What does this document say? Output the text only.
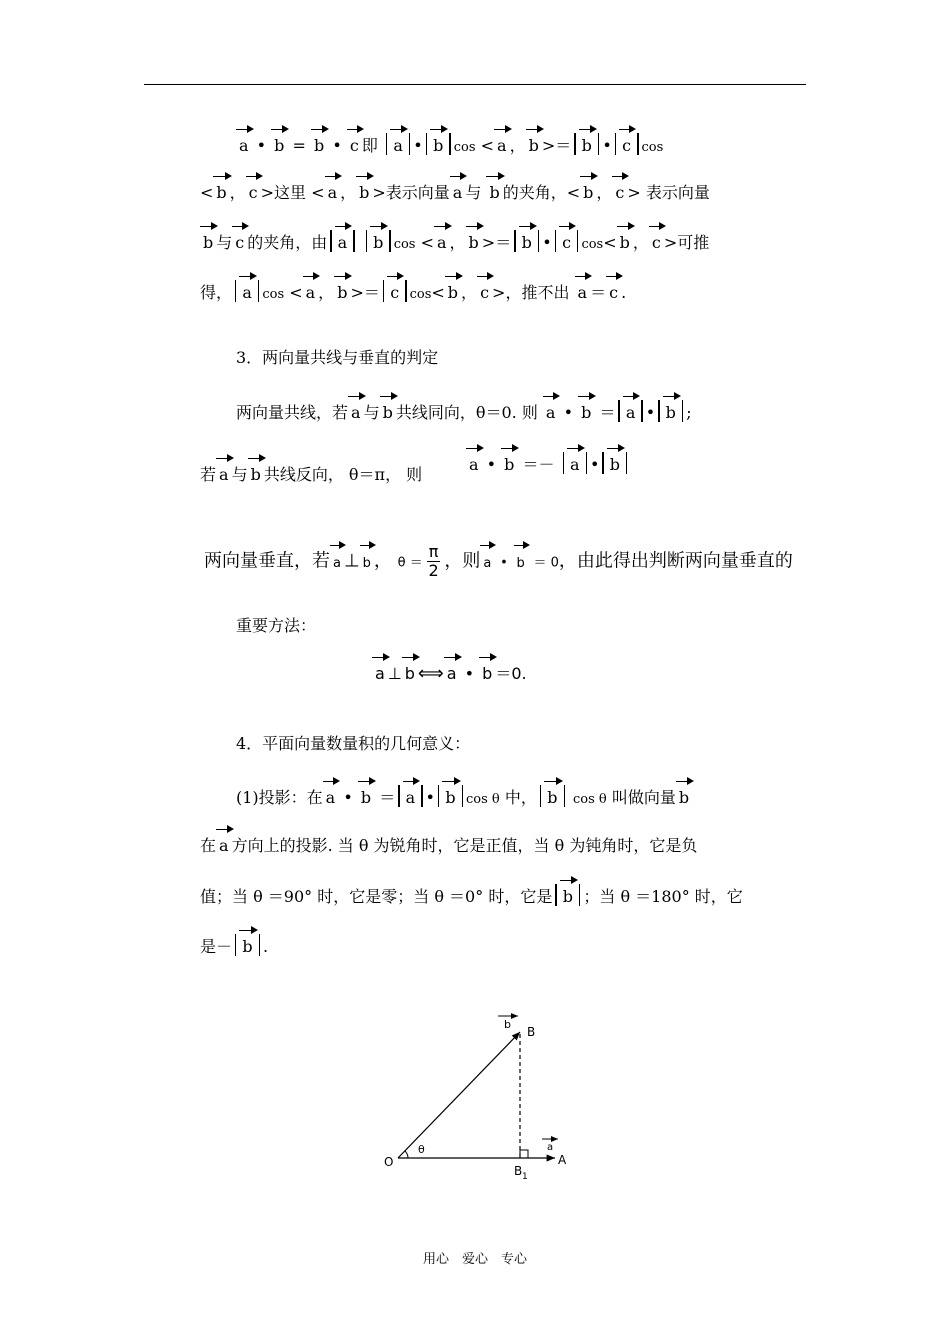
a • b = b • c 即 a • b cos < a ， b >＝ b • c cos
< b ， c >这里 < a ， b >表示向量 a 与 b 的夹角，< b ， c > 表示向量
b 与 c 的夹角，由 a b cos < a ， b >＝ b • c cos< b ， c >可推
得， a cos < a ， b >＝ c cos< b ， c >，推不出 a ＝ c .
3．两向量共线与垂直的判定
两向量共线，若 a 与 b 共线同向，θ＝0. 则 a • b ＝ a • b ;
若 a 与 b 共线反向， θ＝π， 则
a • b ＝－ a • b
两向量垂直，若 a ⊥ b ， $\theta = \frac{\pi}{2}$ ，则 a • b ＝ 0，由此得出判断两向量垂直的
重要方法：
a ⊥ b ⟺ a • b ＝0.
4．平面向量数量积的几何意义：
(1)投影：在 a • b ＝ a • b cos θ 中， b cos θ 叫做向量 b
在 a 方向上的投影. 当 θ 为锐角时，它是正值，当 θ 为钝角时，它是负
值；当 θ ＝90° 时，它是零；当 θ ＝0° 时，它是 b ；当 θ ＝180° 时，它
是－ b .
b
B
a
O
θ
B 1
A
用心　爱心　专心
